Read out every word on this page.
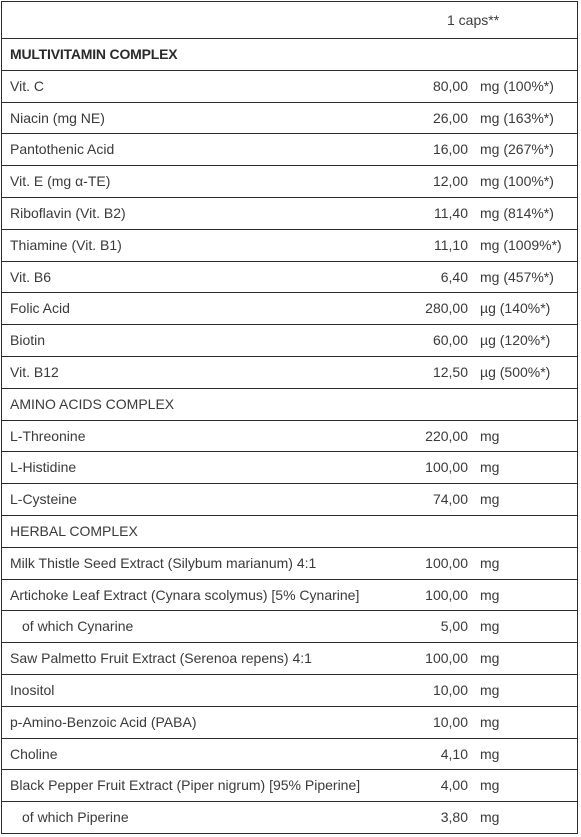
1 caps**
MULTIVITAMIN COMPLEX
Vit. C	80,00 mg (100%*)
Niacin (mg NE)	26,00 mg (163%*)
Pantothenic Acid	16,00 mg (267%*)
Vit. E (mg α-TE)	12,00 mg (100%*)
Riboflavin (Vit. B2)	11,40 mg (814%*)
Thiamine (Vit. B1)	11,10 mg (1009%*)
Vit. B6	6,40 mg (457%*)
Folic Acid	280,00 µg (140%*)
Biotin	60,00 µg (120%*)
Vit. B12	12,50 µg (500%*)
AMINO ACIDS COMPLEX
L-Threonine	220,00 mg
L-Histidine	100,00 mg
L-Cysteine	74,00 mg
HERBAL COMPLEX
Milk Thistle Seed Extract (Silybum marianum) 4:1	100,00 mg
Artichoke Leaf Extract (Cynara scolymus) [5% Cynarine]	100,00 mg
of which Cynarine	5,00 mg
Saw Palmetto Fruit Extract (Serenoa repens) 4:1	100,00 mg
Inositol	10,00 mg
p-Amino-Benzoic Acid (PABA)	10,00 mg
Choline	4,10 mg
Black Pepper Fruit Extract (Piper nigrum) [95% Piperine]	4,00 mg
of which Piperine	3,80 mg
